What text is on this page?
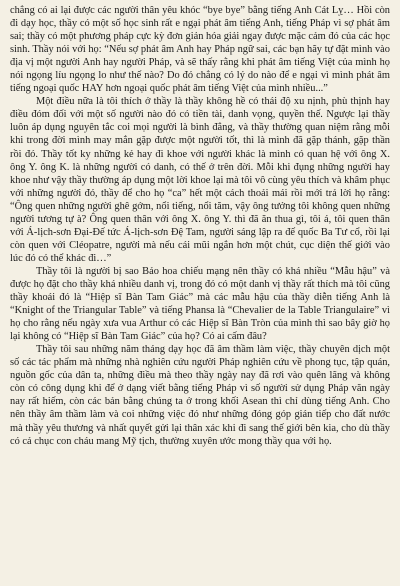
chẳng có ai lại được các người thân yêu khóc “bye bye” bằng tiếng Anh Cát Lỵ… Hồi còn đi dạy học, thầy có một số học sinh rất e ngại phát âm tiếng Anh, tiếng Pháp vì sợ phát âm sai; thầy có một phương pháp cực kỳ đơn giản hóa giải ngay được mặc cảm đó của các học sinh. Thầy nói với họ: “Nếu sợ phát âm Anh hay Pháp ngữ sai, các bạn hãy tự đặt mình vào địa vị một người Anh hay người Pháp, và sẽ thấy rằng khi phát âm tiếng Việt của mình họ nói ngọng líu ngọng lo như thế nào? Do đó chẳng có lý do nào để e ngại vì mình phát âm tiếng ngoại quốc HAY hơn ngoại quốc phát âm tiếng Việt của mình nhiều...”

Một điều nữa là tôi thích ở thầy là thầy không hề có thái độ xu nịnh, phù thịnh hay điều đóm đối với một số người nào đó có tiền tài, danh vọng, quyền thế. Ngược lại thầy luôn áp dụng nguyên tắc coi mọi người là bình đẳng, và thầy thường quan niệm rằng mỗi khi trong đời mình may mắn gặp được một người tốt, thì là mình đã gặp thánh, gặp thần rồi đó. Thầy tốt ky những kẻ hay đi khoe với người khác là mình có quan hệ với ông X. ông Y. ông K. là những người có danh, có thế ở trên đời. Mỗi khi đụng những người hay khoe như vậy thầy thường áp dụng một lời khoe lại mà tôi vô cùng yêu thích và khâm phục với những người đó, thầy để cho họ “ca” hết một cách thoải mái rồi mới trả lời họ rằng: “Ông quen những người ghê gớm, nổi tiếng, nổi tăm, vậy ông tưởng tôi không quen những người tương tự à? Ông quen thân với ông X. ông Y. thì đã ăn thua gì, tôi á, tôi quen thân với Á-lịch-sơn Đại-Đế tức Á-lịch-sơn Đệ Tam, người sáng lập ra đế quốc Ba Tư cổ, rồi lại còn quen với Cléopatre, người mà nếu cái mũi ngắn hơn một chút, cục diện thế giới vào lúc đó có thể khác đi…”

Thầy tôi là người bị sao Bảo hoa chiếu mạng nên thầy có khá nhiều “Mẫu hậu” và được họ đặt cho thầy khá nhiều danh vị, trong đó có một danh vị thầy rất thích mà tôi cũng thầy khoái đó là “Hiệp sĩ Bàn Tam Giác” mà các mẫu hậu của thầy diễn tiếng Anh là “Knight of the Triangular Table” và tiếng Phansa là “Chevalier de la Table Triangulaire” vì họ cho rằng nếu ngày xưa vua Arthur có các Hiệp sĩ Bàn Tròn của mình thì sao bây giờ họ lại không có “Hiệp sĩ Bàn Tam Giác” của họ? Có ai cấm đâu?

Thầy tôi sau những năm tháng dạy học đã âm thầm làm việc, thầy chuyên dịch một số các tác phẩm mà những nhà nghiên cứu người Pháp nghiên cứu về phong tục, tập quán, nguồn gốc của dân ta, những điều mà theo thầy ngày nay đã rơi vào quên lãng và không còn có công dụng khi để ở dạng viết bằng tiếng Pháp vì số người sử dụng Pháp văn ngày nay rất hiếm, còn các bản bằng chúng ta ở trong khối Asean thì chỉ dùng tiếng Anh. Cho nên thầy âm thầm làm và coi những việc đó như những đóng góp gián tiếp cho đất nước mà thầy yêu thương và nhất quyết gửi lại thân xác khi đi sang thế giới bên kia, cho dù thầy có cả chục con cháu mang Mỹ tịch, thường xuyên ước mong thầy qua với họ.
